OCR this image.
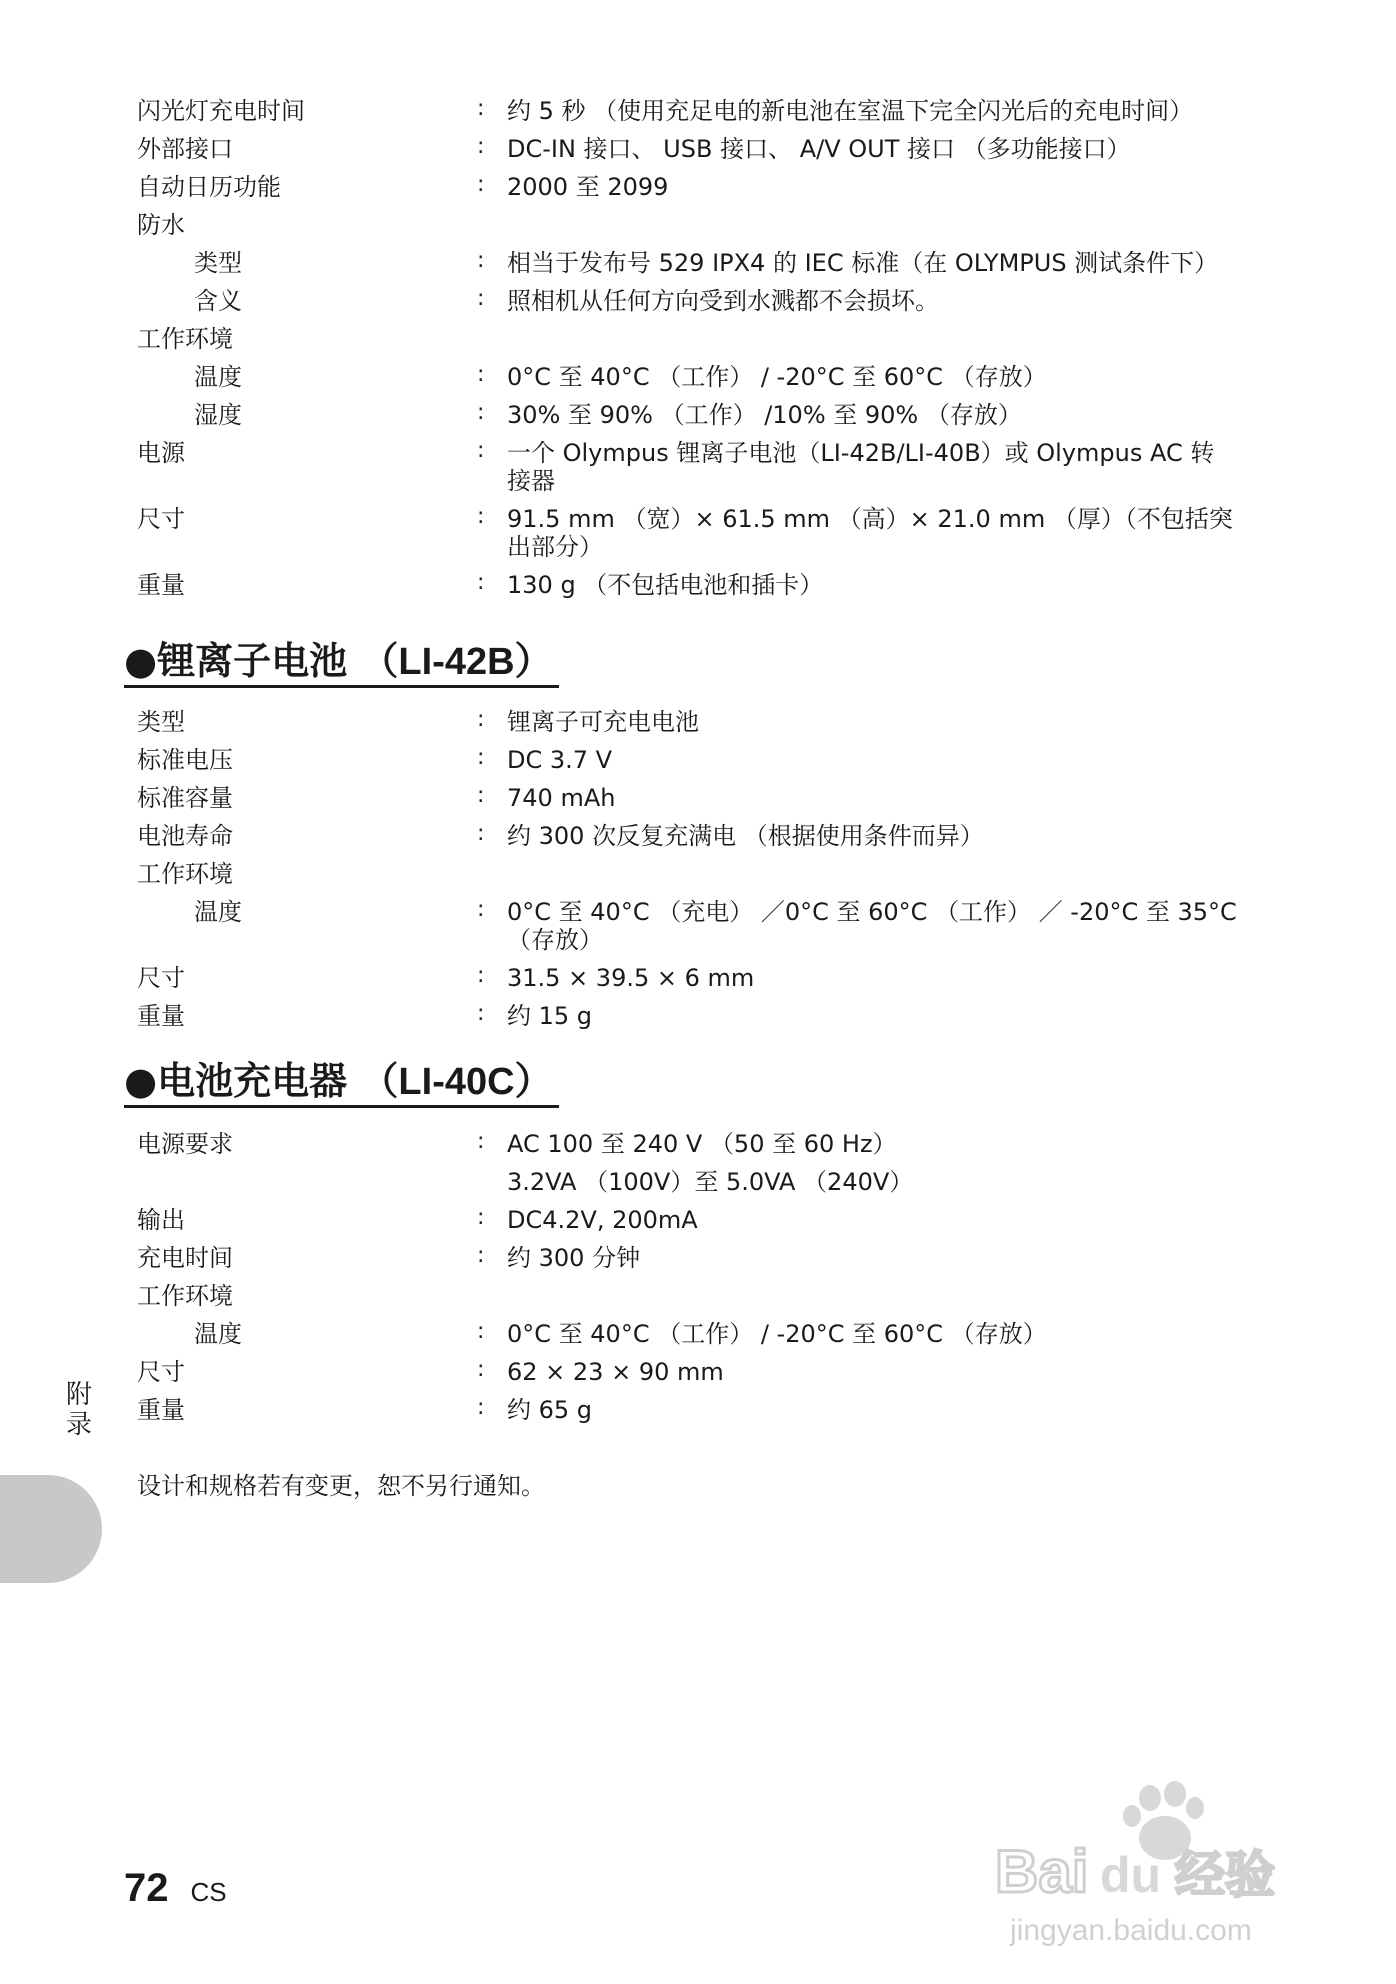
闪光灯充电时间	: 约 5 秒 （使用充足电的新电池在室温下完全闪光后的充电时间）
外部接口	: DC-IN 接口、 USB 接口、 A/V OUT 接口 （多功能接口）
自动日历功能	: 2000 至 2099
防水
类型	: 相当于发布号 529 IPX4 的 IEC 标准（在 OLYMPUS 测试条件下）
含义	: 照相机从任何方向受到水溅都不会损坏。
工作环境
温度	: 0°C 至 40°C （工作） / -20°C 至 60°C （存放）
湿度	: 30% 至 90% （工作） /10% 至 90% （存放）
电源	: 一个 Olympus 锂离子电池（LI-42B/LI-40B）或 Olympus AC 转接器
尺寸	: 91.5 mm （宽）× 61.5 mm （高）× 21.0 mm （厚）（不包括突出部分）
重量	: 130 g （不包括电池和插卡）
●锂离子电池 （LI-42B）
类型	: 锂离子可充电电池
标准电压	: DC 3.7 V
标准容量	: 740 mAh
电池寿命	: 约 300 次反复充满电 （根据使用条件而异）
工作环境
温度	: 0°C 至 40°C （充电） ／0°C 至 60°C （工作） ／ -20°C 至 35°C （存放）
尺寸	: 31.5 × 39.5 × 6 mm
重量	: 约 15 g
●电池充电器 （LI-40C）
电源要求	: AC 100 至 240 V （50 至 60 Hz）
3.2VA （100V）至 5.0VA （240V）
输出	: DC4.2V, 200mA
充电时间	: 约 300 分钟
工作环境
温度	: 0°C 至 40°C （工作） / -20°C 至 60°C （存放）
尺寸	: 62 × 23 × 90 mm
重量	: 约 65 g
设计和规格若有变更，恕不另行通知。
附录
72 CS	Bai du 经验
jingyan.baidu.com
